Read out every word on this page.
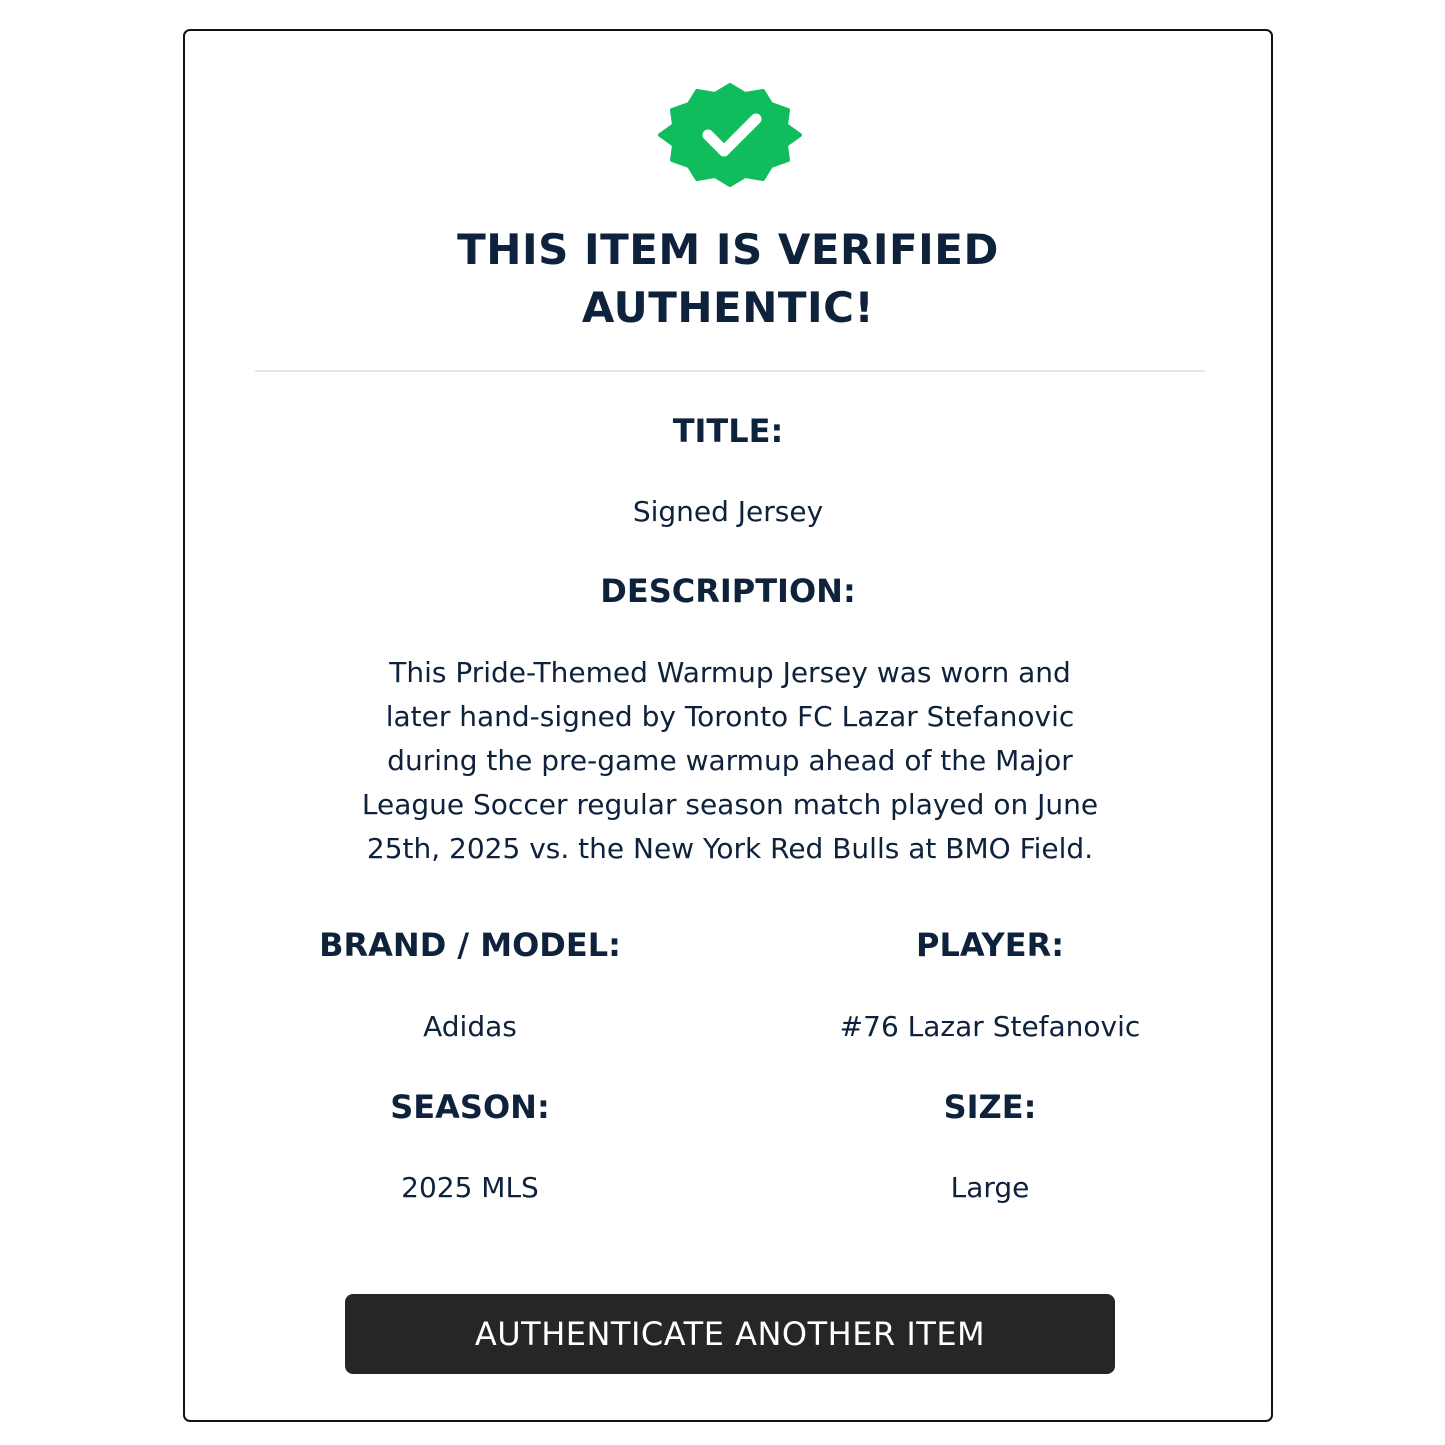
THIS ITEM IS VERIFIED
AUTHENTIC!
TITLE:

Signed Jersey

DESCRIPTION:

This Pride-Themed Warmup Jersey was worn and
later hand-signed by Toronto FC Lazar Stefanovic
during the pre-game warmup ahead of the Major
League Soccer regular season match played on June
25th, 2025 vs. the New York Red Bulls at BMO Field.

BRAND / MODEL:

Adidas

PLAYER:

#76 Lazar Stefanovic

SEASON:

2025 MLS

SIZE:

Large

AUTHENTICATE ANOTHER ITEM
